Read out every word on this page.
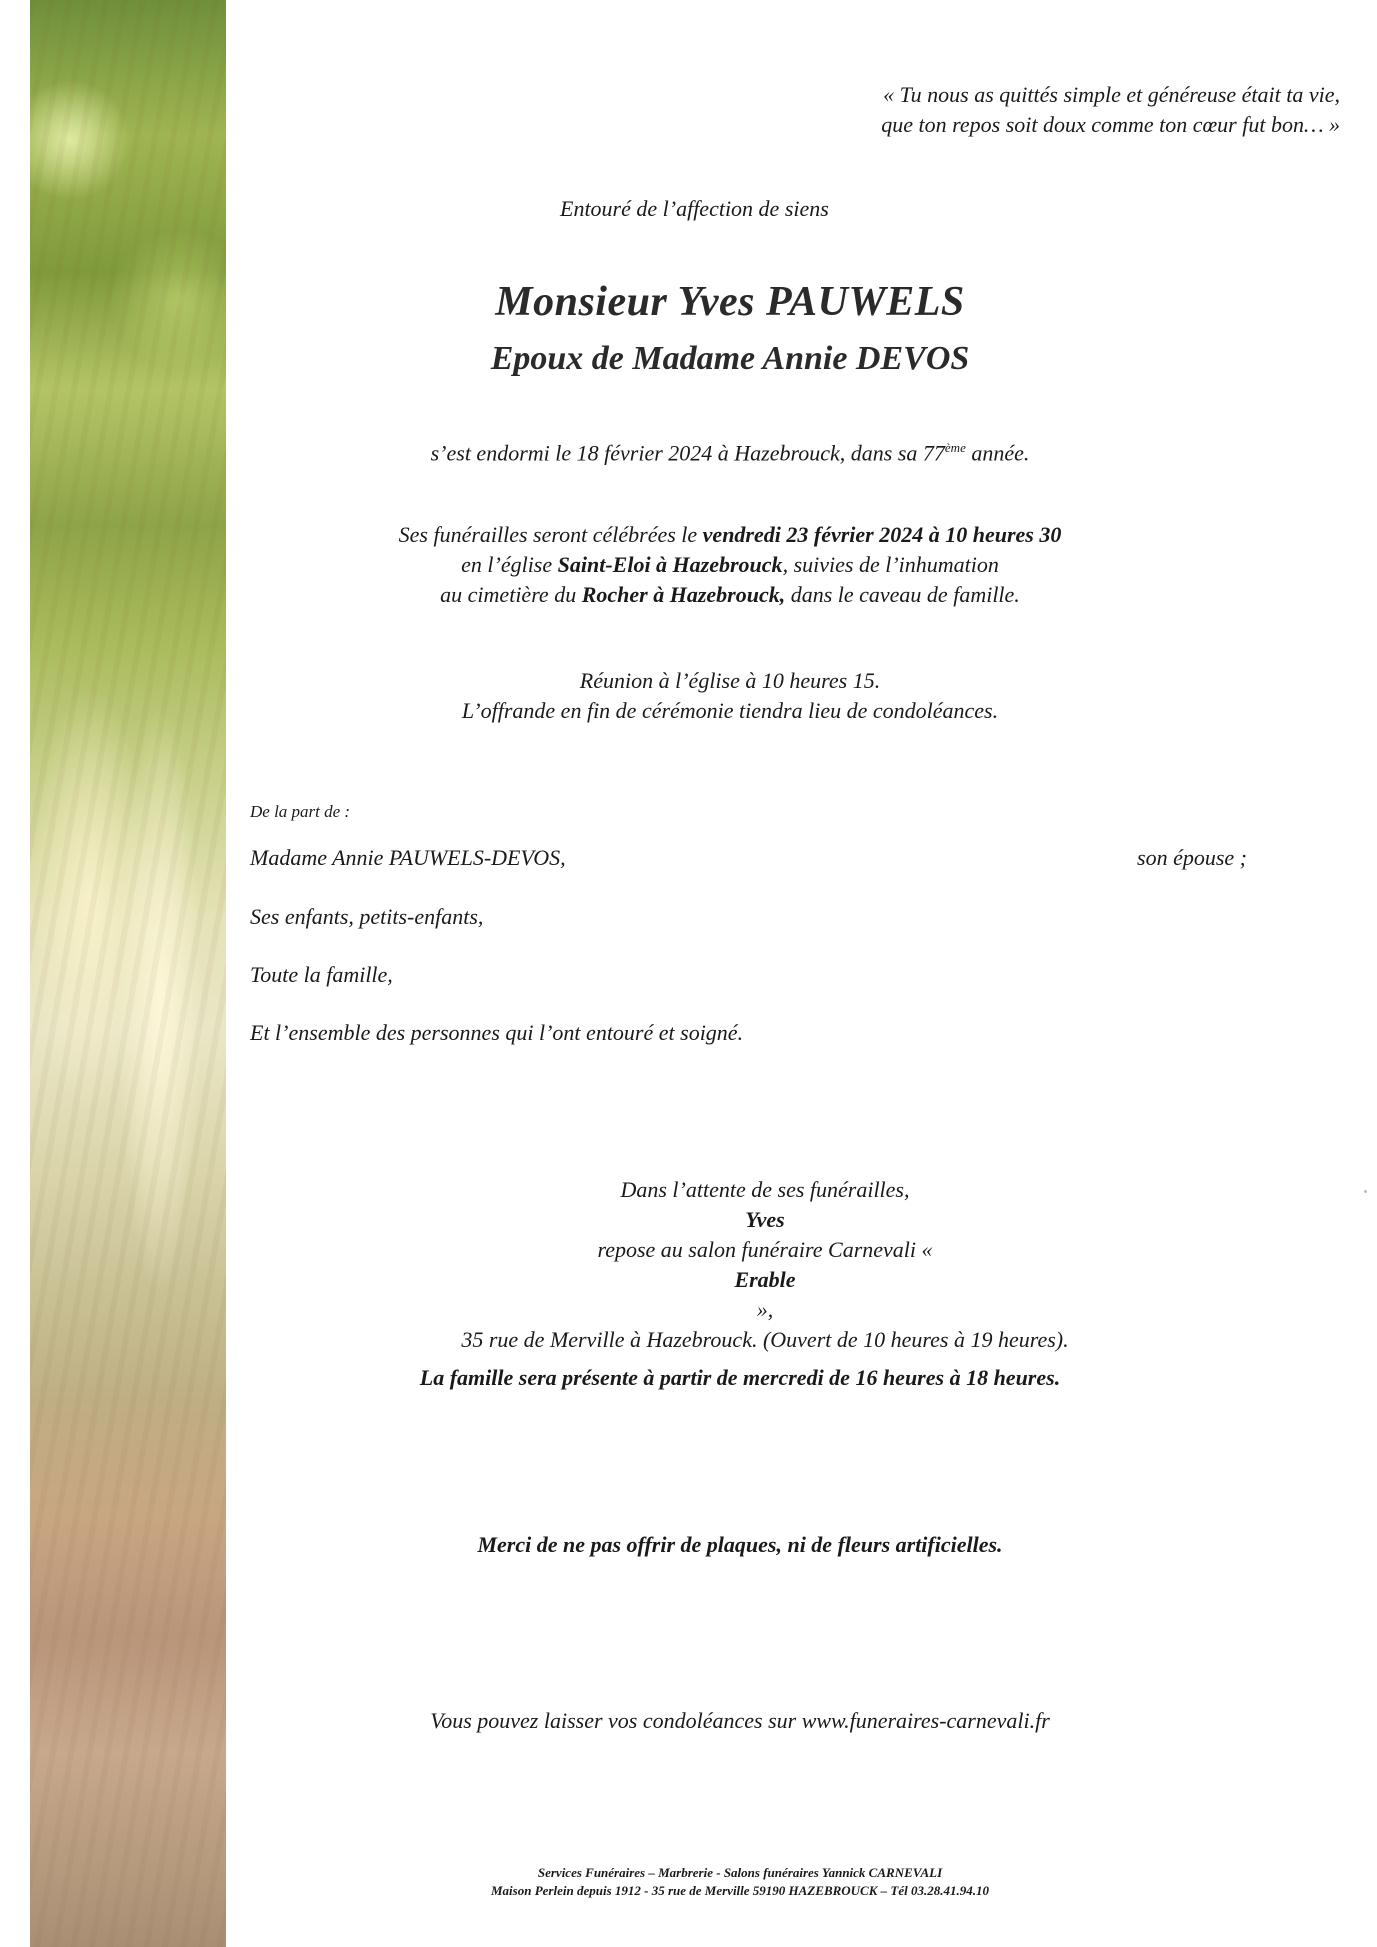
« Tu nous as quittés simple et généreuse était ta vie,
que ton repos soit doux comme ton cœur fut bon… »
Entouré de l’affection de siens
Monsieur Yves PAUWELS
Epoux de Madame Annie DEVOS
s’est endormi le 18 février 2024 à Hazebrouck, dans sa 77ème année.
Ses funérailles seront célébrées le vendredi 23 février 2024 à 10 heures 30
en l’église Saint-Eloi à Hazebrouck, suivies de l’inhumation
au cimetière du Rocher à Hazebrouck, dans le caveau de famille.
Réunion à l’église à 10 heures 15.
L’offrande en fin de cérémonie tiendra lieu de condoléances.
De la part de :
Madame Annie PAUWELS-DEVOS,	son épouse ;
Ses enfants, petits-enfants,
Toute la famille,
Et l’ensemble des personnes qui l’ont entouré et soigné.
Dans l’attente de ses funérailles,
Yves
repose au salon funéraire Carnevali «
Erable
»,
35 rue de Merville à Hazebrouck. (Ouvert de 10 heures à 19 heures).
La famille sera présente à partir de mercredi de 16 heures à 18 heures.
Merci de ne pas offrir de plaques, ni de fleurs artificielles.
Vous pouvez laisser vos condoléances sur www.funeraires-carnevali.fr
Services Funéraires – Marbrerie - Salons funéraires Yannick CARNEVALI
Maison Perlein depuis 1912 - 35 rue de Merville 59190 HAZEBROUCK – Tél 03.28.41.94.10
